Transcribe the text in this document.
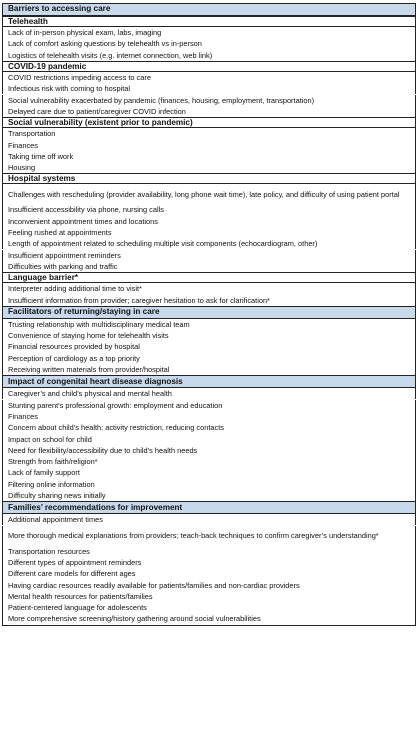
Barriers to accessing care
Telehealth
Lack of in-person physical exam, labs, imaging
Lack of comfort asking questions by telehealth vs in-person
Logistics of telehealth visits (e.g. internet connection, web link)
COVID-19 pandemic
COVID restrictions impeding access to care
Infectious risk with coming to hospital
Social vulnerability exacerbated by pandemic (finances, housing, employment, transportation)
Delayed care due to patient/caregiver COVID infection
Social vulnerability (existent prior to pandemic)
Transportation
Finances
Taking time off work
Housing
Hospital systems
Challenges with rescheduling (provider availability, long phone wait time), late policy, and difficulty of using patient portal
Insufficient accessibility via phone, nursing calls
Inconvenient appointment times and locations
Feeling rushed at appointments
Length of appointment related to scheduling multiple visit components (echocardiogram, other)
Insufficient appointment reminders
Difficulties with parking and traffic
Language barrier*
Interpreter adding additional time to visit*
Insufficient information from provider; caregiver hesitation to ask for clarification*
Facilitators of returning/staying in care
Trusting relationship with multidisciplinary medical team
Convenience of staying home for telehealth visits
Financial resources provided by hospital
Perception of cardiology as a top priority
Receiving written materials from provider/hospital
Impact of congenital heart disease diagnosis
Caregiver’s and child’s physical and mental health
Stunting parent’s professional growth: employment and education
Finances
Concern about child’s health: activity restriction, reducing contacts
Impact on school for child
Need for flexibility/accessibility due to child’s health needs
Strength from faith/religion*
Lack of family support
Filtering online information
Difficulty sharing news initially
Families’ recommendations for improvement
Additional appointment times
More thorough medical explanations from providers; teach-back techniques to confirm caregiver’s understanding*
Transportation resources
Different types of appointment reminders
Different care models for different ages
Having cardiac resources readily available for patients/families and non-cardiac providers
Mental health resources for patients/families
Patient-centered language for adolescents
More comprehensive screening/history gathering around social vulnerabilities
